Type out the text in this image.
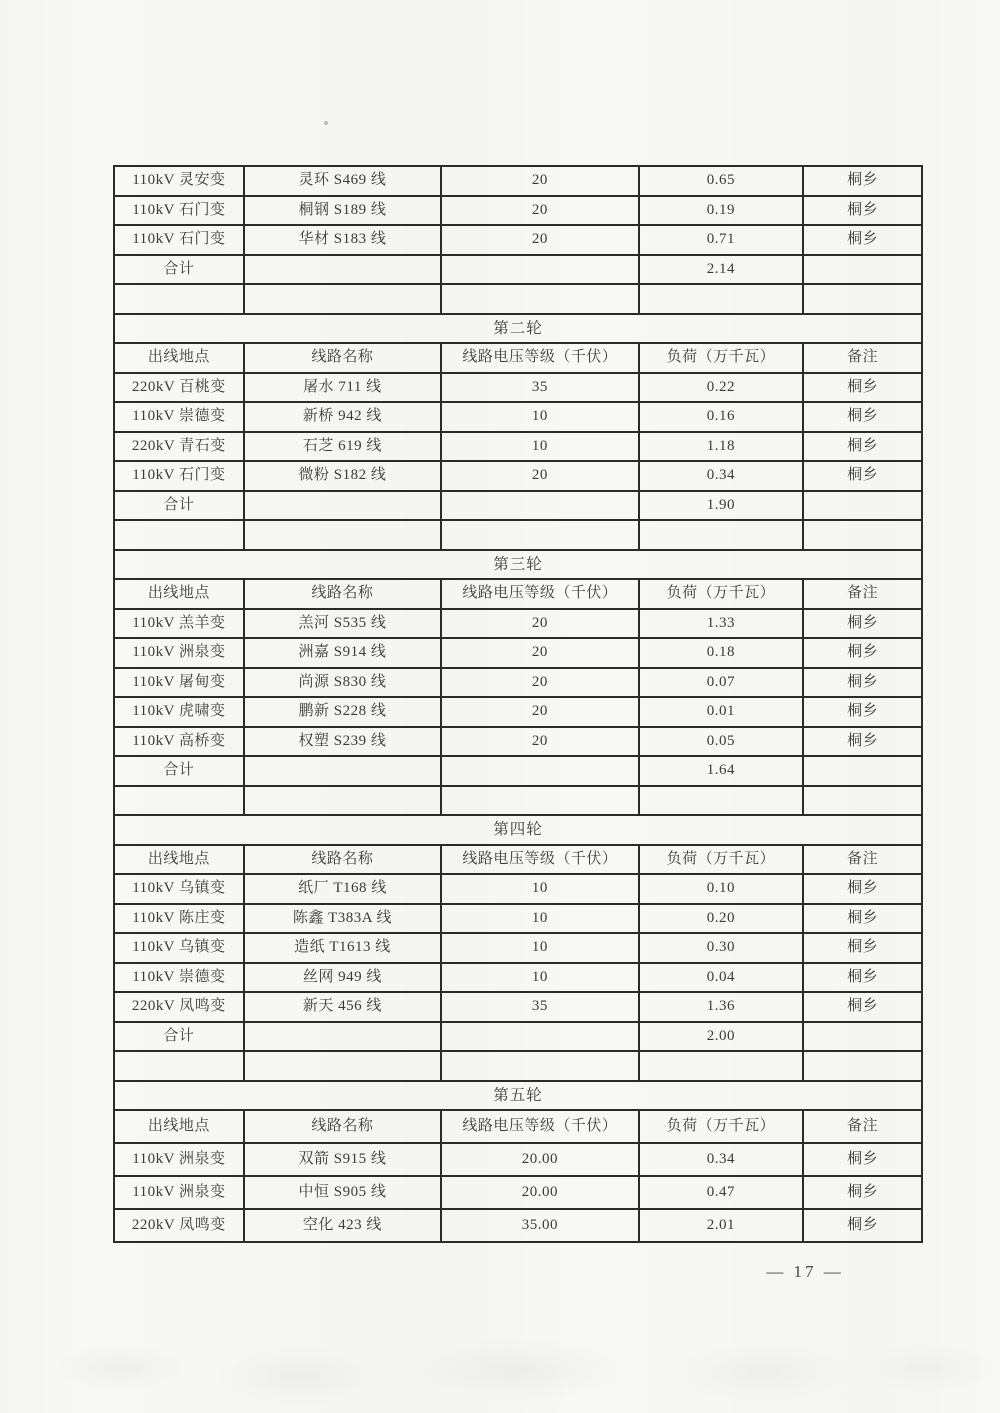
110kV 灵安变	灵环 S469 线	20	0.65	桐乡
110kV 石门变	桐钢 S189 线	20	0.19	桐乡
110kV 石门变	华材 S183 线	20	0.71	桐乡
合计			2.14	

第二轮				
出线地点	线路名称	线路电压等级（千伏）	负荷（万千瓦）	备注
220kV 百桃变	屠水 711 线	35	0.22	桐乡
110kV 崇德变	新桥 942 线	10	0.16	桐乡
220kV 青石变	石芝 619 线	10	1.18	桐乡
110kV 石门变	微粉 S182 线	20	0.34	桐乡
合计			1.90	

第三轮				
出线地点	线路名称	线路电压等级（千伏）	负荷（万千瓦）	备注
110kV 羔羊变	羔河 S535 线	20	1.33	桐乡
110kV 洲泉变	洲嘉 S914 线	20	0.18	桐乡
110kV 屠甸变	尚源 S830 线	20	0.07	桐乡
110kV 虎啸变	鹏新 S228 线	20	0.01	桐乡
110kV 高桥变	权塑 S239 线	20	0.05	桐乡
合计			1.64	

第四轮				
出线地点	线路名称	线路电压等级（千伏）	负荷（万千瓦）	备注
110kV 乌镇变	纸厂 T168 线	10	0.10	桐乡
110kV 陈庄变	陈鑫 T383A 线	10	0.20	桐乡
110kV 乌镇变	造纸 T1613 线	10	0.30	桐乡
110kV 崇德变	丝网 949 线	10	0.04	桐乡
220kV 凤鸣变	新天 456 线	35	1.36	桐乡
合计			2.00	

第五轮				
出线地点	线路名称	线路电压等级（千伏）	负荷（万千瓦）	备注
110kV 洲泉变	双箭 S915 线	20.00	0.34	桐乡
110kV 洲泉变	中恒 S905 线	20.00	0.47	桐乡
220kV 凤鸣变	空化 423 线	35.00	2.01	桐乡
— 17 —
